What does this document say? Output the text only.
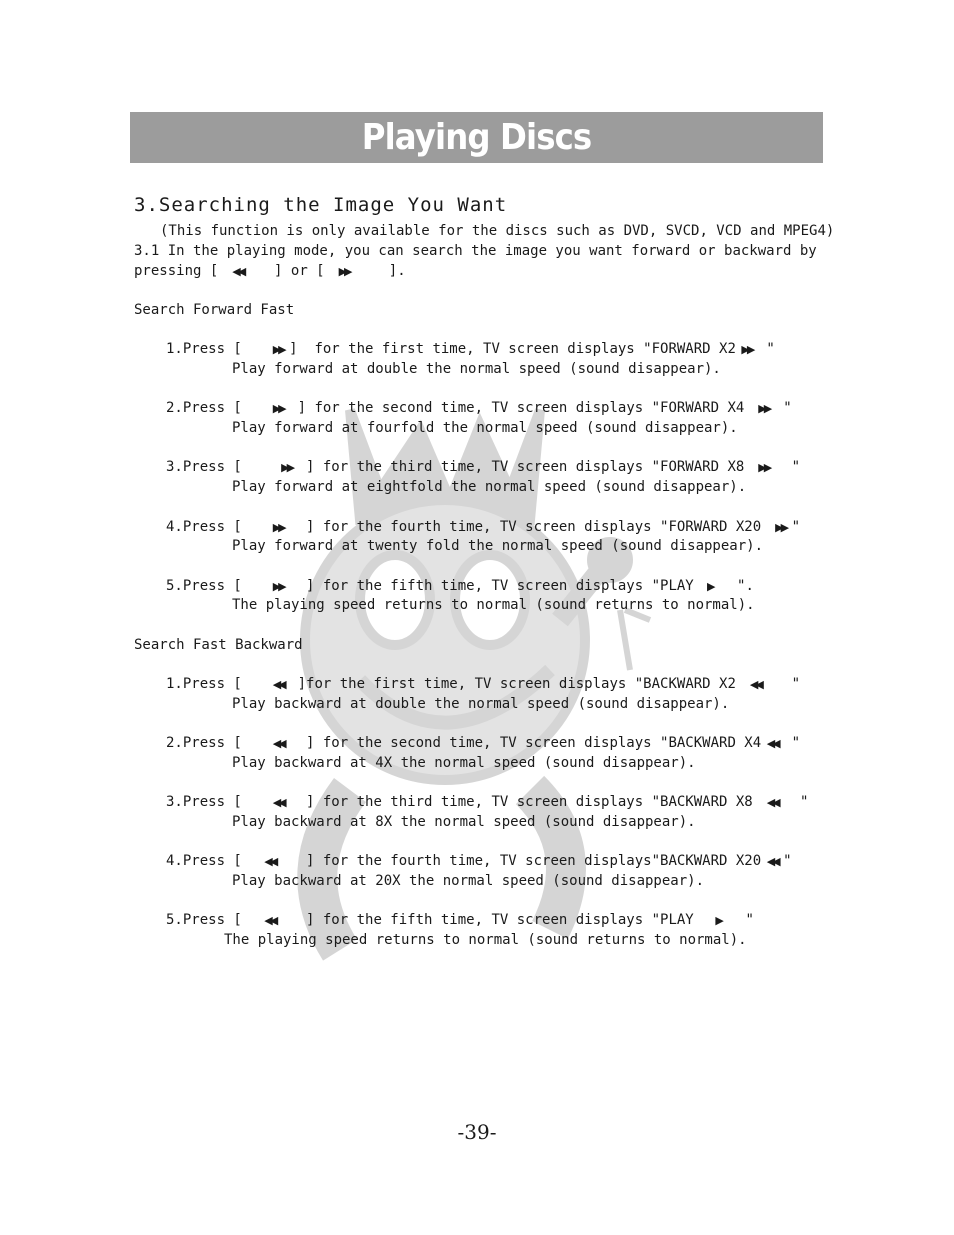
Playing Discs
3.Searching the Image You Want
(This function is only available for the discs such as DVD, SVCD, VCD and MPEG4)
3.1 In the playing mode, you can search the image you want forward or backward by
pressing [ ◀◀ ] or [ ▶▶	].
Search Forward Fast
1.Press [	▶▶ ]  for the first time, TV screen displays "FORWARD X2 ▶▶ "
Play forward at double the normal speed (sound disappear).
2.Press [	▶▶ ] for the second time, TV screen displays "FORWARD X4 ▶▶ "
Play forward at fourfold the normal speed (sound disappear).
3.Press [	▶▶ ] for the third time, TV screen displays "FORWARD X8 ▶▶ "
Play forward at eightfold the normal speed (sound disappear).
4.Press [	▶▶ ] for the fourth time, TV screen displays "FORWARD X20 ▶▶ "
Play forward at twenty fold the normal speed (sound disappear).
5.Press [	▶▶ ] for the fifth time, TV screen displays "PLAY ▶ ".
The playing speed returns to normal (sound returns to normal).
Search Fast Backward
1.Press [	◀◀ ]for the first time, TV screen displays "BACKWARD X2 ◀◀ "
Play backward at double the normal speed (sound disappear).
2.Press [	◀◀ ] for the second time, TV screen displays "BACKWARD X4 ◀◀ "
Play backward at 4X the normal speed (sound disappear).
3.Press [	◀◀ ] for the third time, TV screen displays "BACKWARD X8 ◀◀ "
Play backward at 8X the normal speed (sound disappear).
4.Press [ ◀◀ ] for the fourth time, TV screen displays"BACKWARD X20 ◀◀ "
Play backward at 20X the normal speed (sound disappear).
5.Press [ ◀◀ ] for the fifth time, TV screen displays "PLAY ▶ "
The playing speed returns to normal (sound returns to normal).
-39-
